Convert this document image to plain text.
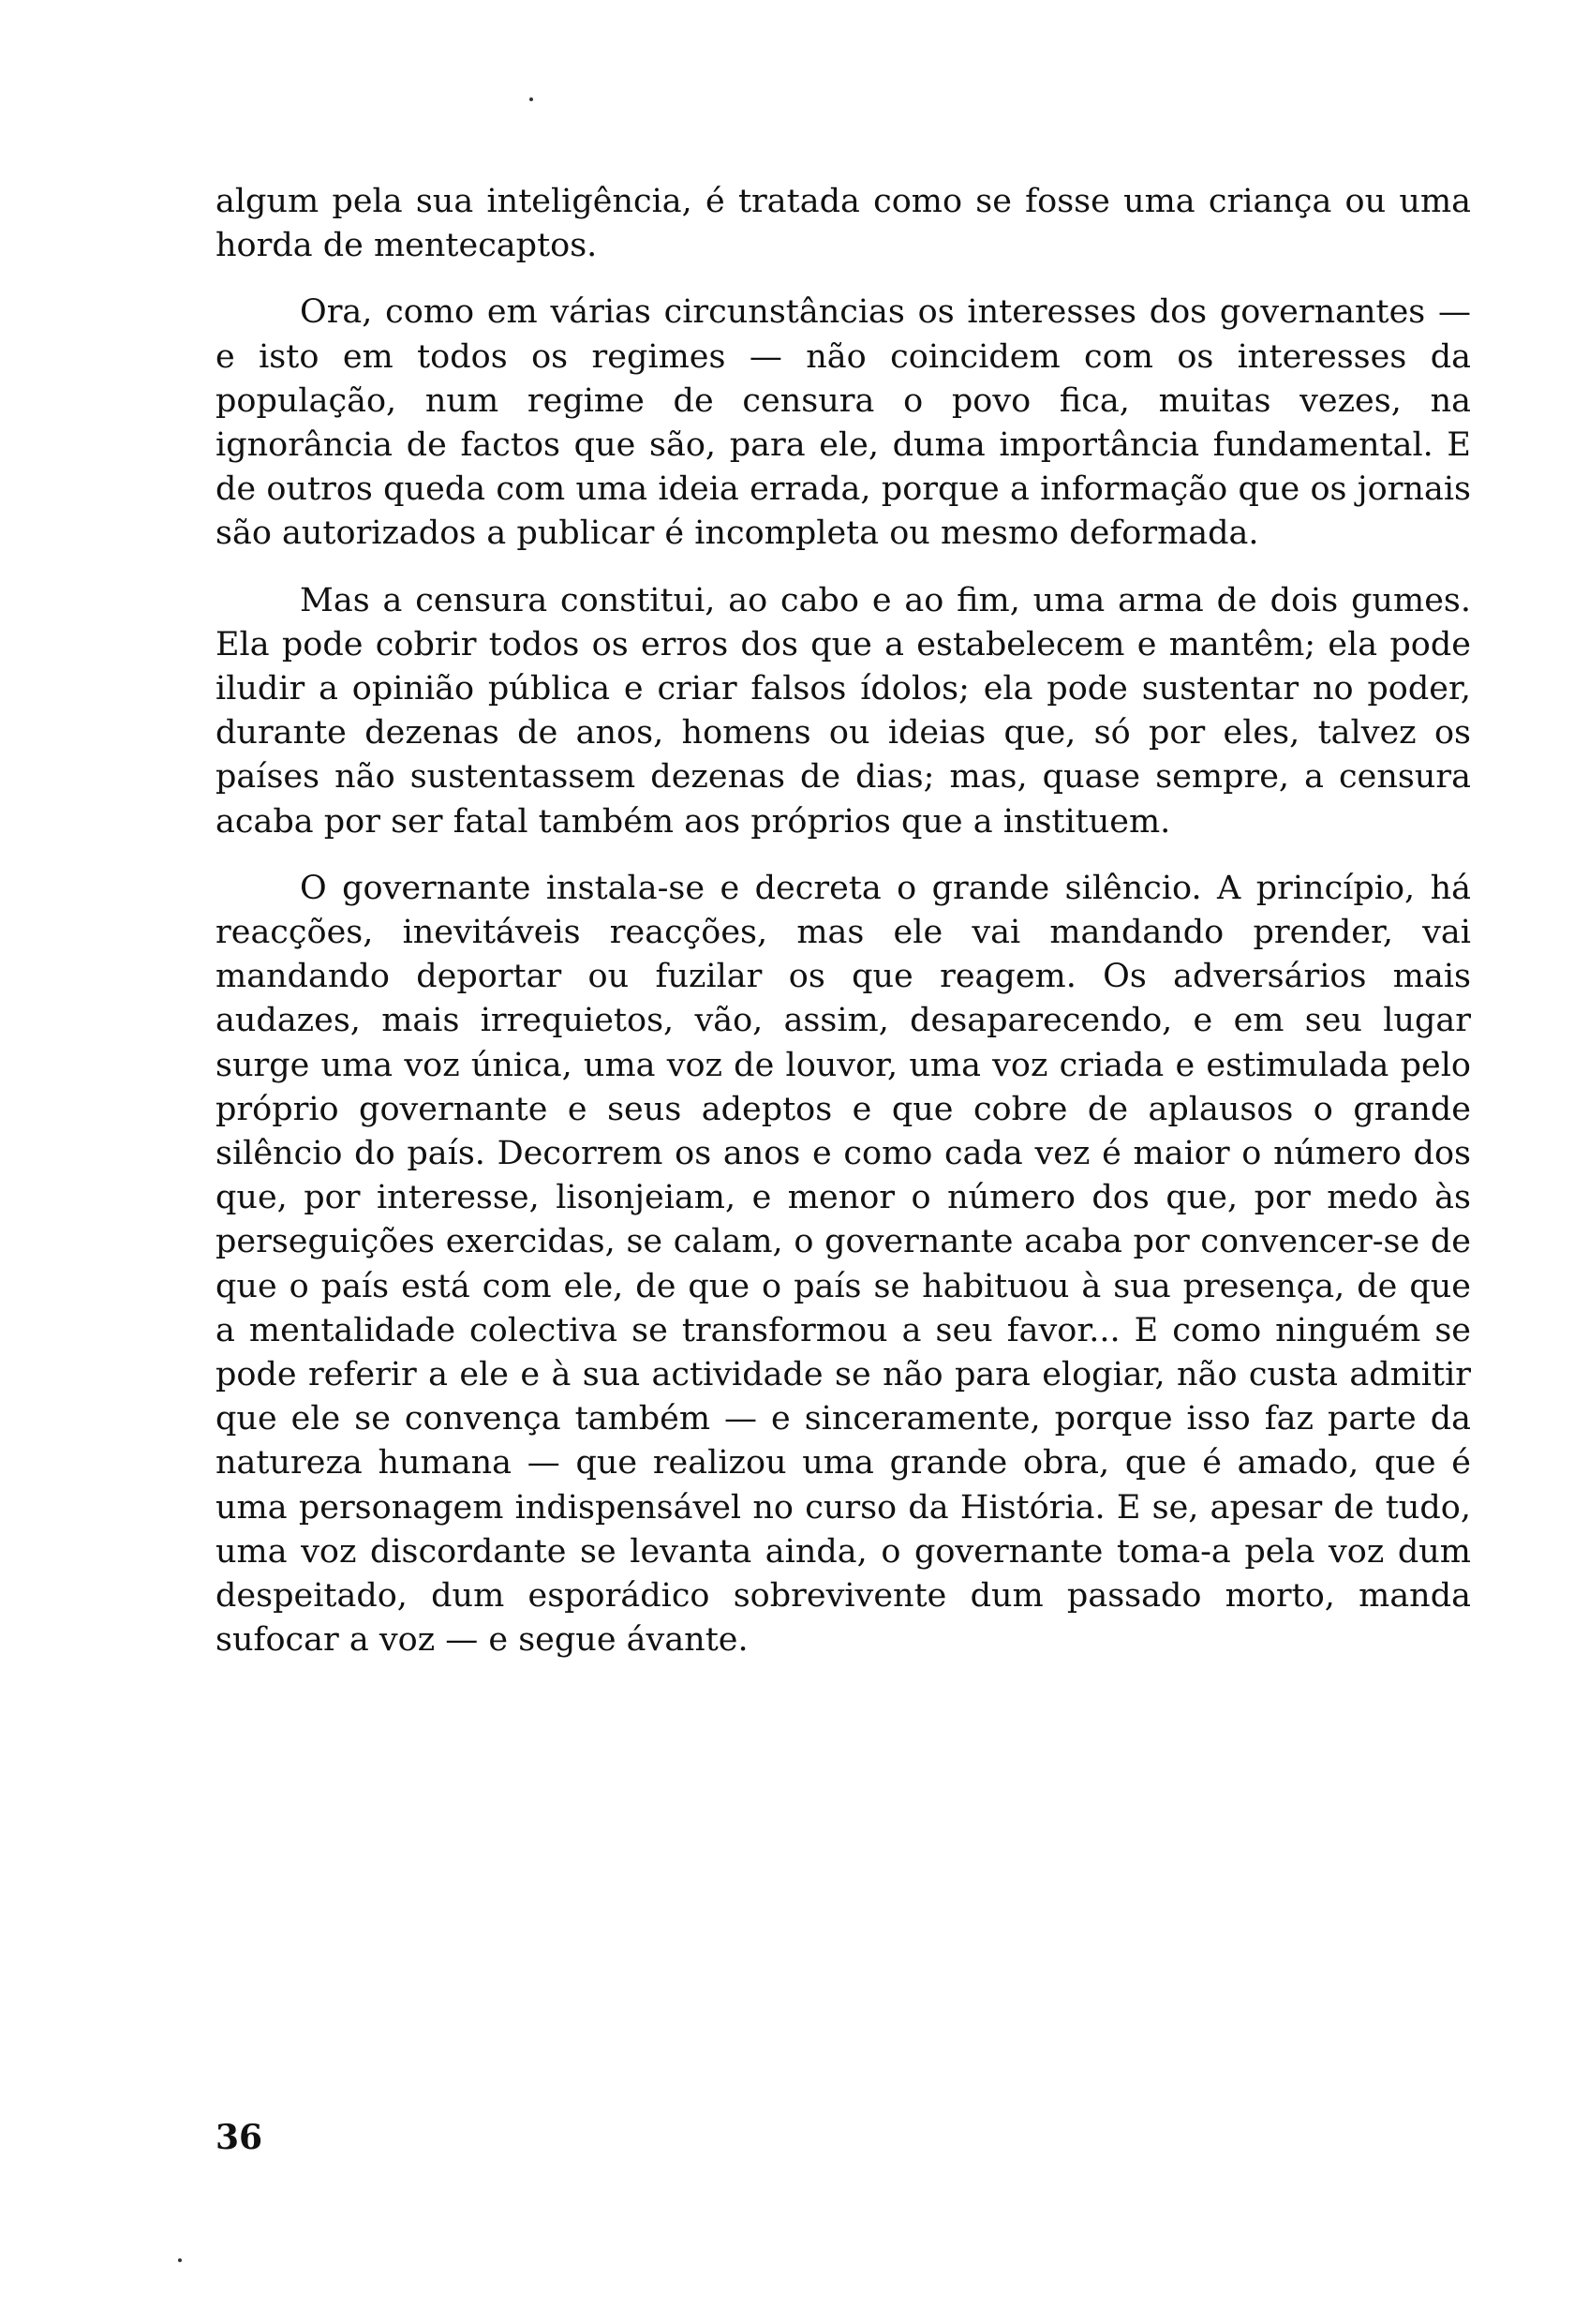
algum pela sua inteligência, é tratada como se fosse uma criança ou uma horda de mentecaptos.

Ora, como em várias circunstâncias os interesses dos governantes — e isto em todos os regimes — não coincidem com os interesses da população, num regime de censura o povo fica, muitas vezes, na ignorância de factos que são, para ele, duma importância fundamental. E de outros queda com uma ideia errada, porque a informação que os jornais são autorizados a publicar é incompleta ou mesmo deformada.

Mas a censura constitui, ao cabo e ao fim, uma arma de dois gumes. Ela pode cobrir todos os erros dos que a estabelecem e mantêm; ela pode iludir a opinião pública e criar falsos ídolos; ela pode sustentar no poder, durante dezenas de anos, homens ou ideias que, só por eles, talvez os países não sustentassem dezenas de dias; mas, quase sempre, a censura acaba por ser fatal também aos próprios que a instituem.

O governante instala-se e decreta o grande silêncio. A princípio, há reacções, inevitáveis reacções, mas ele vai mandando prender, vai mandando deportar ou fuzilar os que reagem. Os adversários mais audazes, mais irrequietos, vão, assim, desaparecendo, e em seu lugar surge uma voz única, uma voz de louvor, uma voz criada e estimulada pelo próprio governante e seus adeptos e que cobre de aplausos o grande silêncio do país. Decorrem os anos e como cada vez é maior o número dos que, por interesse, lisonjeiam, e menor o número dos que, por medo às perseguições exercidas, se calam, o governante acaba por convencer-se de que o país está com ele, de que o país se habituou à sua presença, de que a mentalidade colectiva se transformou a seu favor... E como ninguém se pode referir a ele e à sua actividade se não para elogiar, não custa admitir que ele se convença também — e sinceramente, porque isso faz parte da natureza humana — que realizou uma grande obra, que é amado, que é uma personagem indispensável no curso da História. E se, apesar de tudo, uma voz discordante se levanta ainda, o governante toma-a pela voz dum despeitado, dum esporádico sobrevivente dum passado morto, manda sufocar a voz — e segue ávante.

36
